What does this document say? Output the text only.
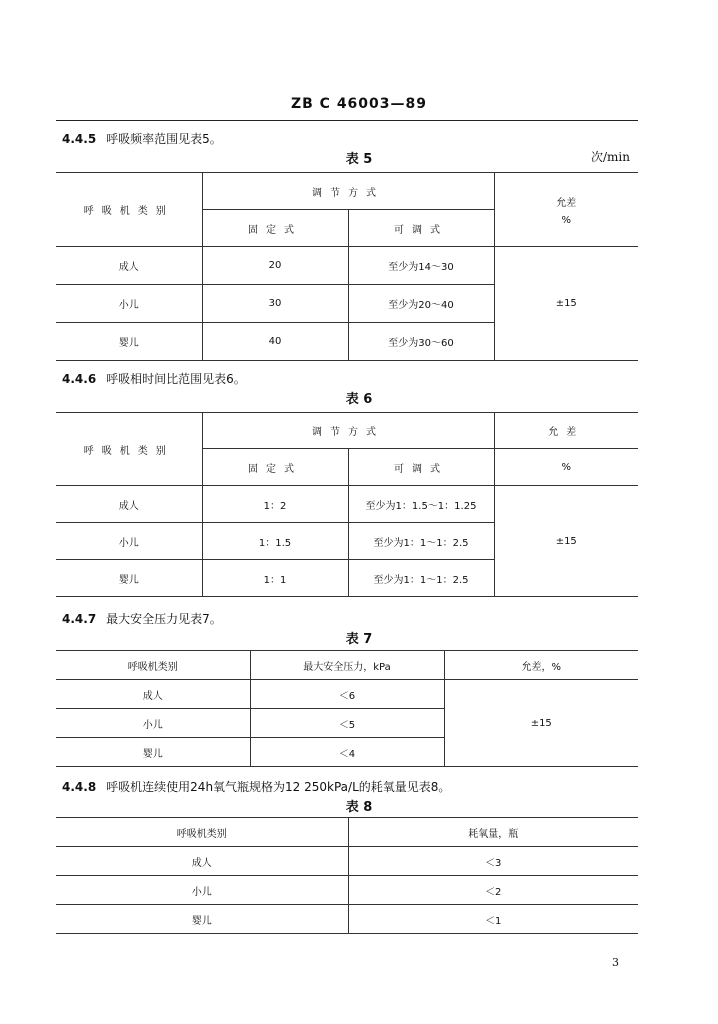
ZB C 46003—89
4.4.5 呼吸频率范围见表5。
表 5	次/min
呼吸机类别	调节方式		允差
%

	固定式	可调式	
成人	20	至少为14～30	±15
小儿	30	至少为20～40	
婴儿	40	至少为30～60	
4.4.6 呼吸相时间比范围见表6。
表 6
呼吸机类别	调节方式		允差
	固定式	可调式	%
成人	1：2	至少为1：1.5～1：1.25	±15
小儿	1：1.5	至少为1：1～1：2.5	
婴儿	1：1	至少为1：1～1：2.5	
4.4.7 最大安全压力见表7。
表 7
呼吸机类别	最大安全压力，kPa	允差，%
成人	＜6	±15
小儿	＜5	
婴儿	＜4	
4.4.8 呼吸机连续使用24h氧气瓶规格为12 250kPa/L的耗氧量见表8。
表 8
呼吸机类别	耗氧量，瓶
成人	＜3
小儿	＜2
婴儿	＜1
3
